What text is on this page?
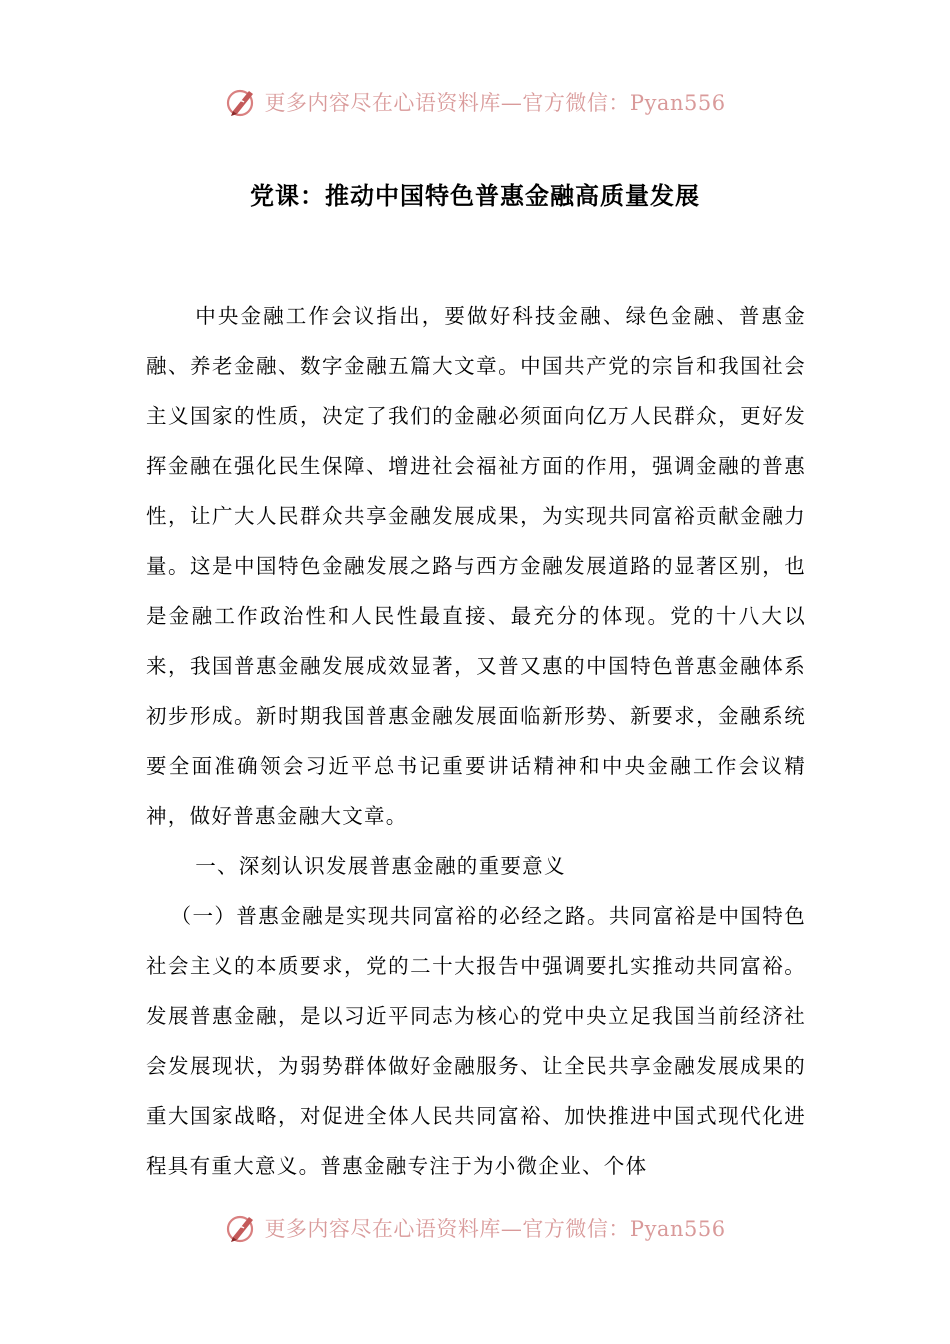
更多内容尽在心语资料库—官方微信：Pyan556
党课：推动中国特色普惠金融高质量发展

中央金融工作会议指出，要做好科技金融、绿色金融、普惠金融、养老金融、数字金融五篇大文章。中国共产党的宗旨和我国社会主义国家的性质，决定了我们的金融必须面向亿万人民群众，更好发挥金融在强化民生保障、增进社会福祉方面的作用，强调金融的普惠性，让广大人民群众共享金融发展成果，为实现共同富裕贡献金融力量。这是中国特色金融发展之路与西方金融发展道路的显著区别，也是金融工作政治性和人民性最直接、最充分的体现。党的十八大以来，我国普惠金融发展成效显著，又普又惠的中国特色普惠金融体系初步形成。新时期我国普惠金融发展面临新形势、新要求，金融系统要全面准确领会习近平总书记重要讲话精神和中央金融工作会议精神，做好普惠金融大文章。

一、深刻认识发展普惠金融的重要意义

（一）普惠金融是实现共同富裕的必经之路。共同富裕是中国特色社会主义的本质要求，党的二十大报告中强调要扎实推动共同富裕。发展普惠金融，是以习近平同志为核心的党中央立足我国当前经济社会发展现状，为弱势群体做好金融服务、让全民共享金融发展成果的重大国家战略，对促进全体人民共同富裕、加快推进中国式现代化进程具有重大意义。普惠金融专注于为小微企业、个体

更多内容尽在心语资料库—官方微信：Pyan556
